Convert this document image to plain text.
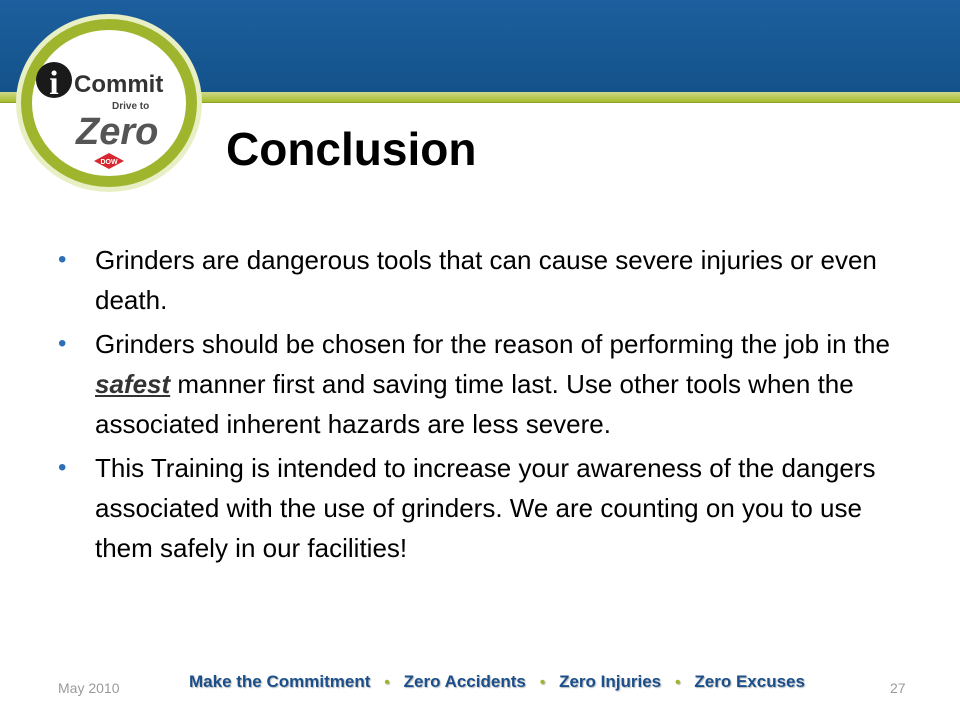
i Commit
Drive to
Zero
DOW Conclusion
• Grinders are dangerous tools that can cause severe injuries or even death.
• Grinders should be chosen for the reason of performing the job in the safest manner first and saving time last. Use other tools when the associated inherent hazards are less severe.
• This Training is intended to increase your awareness of the dangers associated with the use of grinders. We are counting on you to use them safely in our facilities!
May 2010	Make the Commitment • Zero Accidents • Zero Injuries • Zero Excuses	27
